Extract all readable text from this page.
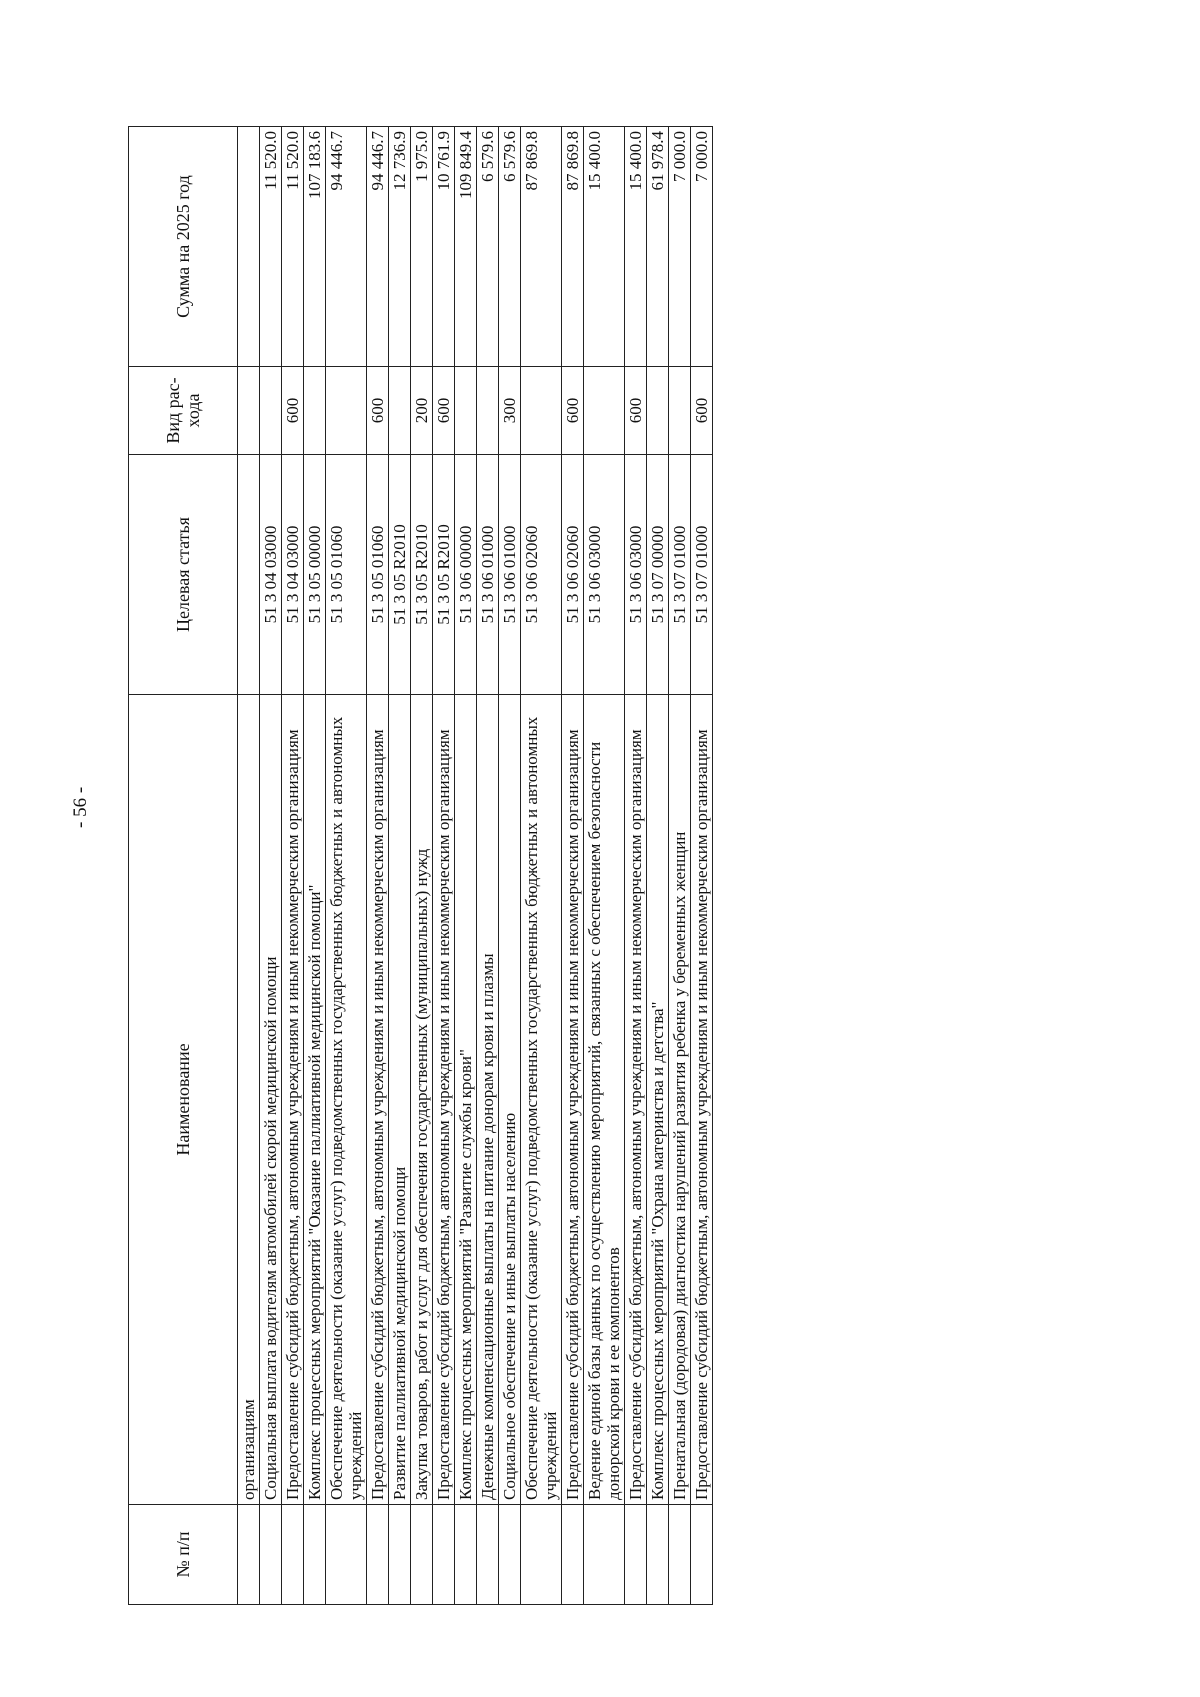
- 56 -
№ п/п	Наименование	Целевая статья	Вид рас-хода	Сумма на 2025 год
	организациям			
	Социальная выплата водителям автомобилей скорой медицинской помощи	51 3 04 03000		11 520.0
	Предоставление субсидий бюджетным, автономным учреждениям и иным некоммерческим организациям	51 3 04 03000	600	11 520.0
	Комплекс процессных мероприятий "Оказание паллиативной медицинской помощи"	51 3 05 00000		107 183.6
	Обеспечение деятельности (оказание услуг) подведомственных государственных бюджетных и автономных учреждений	51 3 05 01060		94 446.7
	Предоставление субсидий бюджетным, автономным учреждениям и иным некоммерческим организациям	51 3 05 01060	600	94 446.7
	Развитие паллиативной медицинской помощи	51 3 05 R2010		12 736.9
	Закупка товаров, работ и услуг для обеспечения государственных (муниципальных) нужд	51 3 05 R2010	200	1 975.0
	Предоставление субсидий бюджетным, автономным учреждениям и иным некоммерческим организациям	51 3 05 R2010	600	10 761.9
	Комплекс процессных мероприятий "Развитие службы крови"	51 3 06 00000		109 849.4
	Денежные компенсационные выплаты на питание донорам крови и плазмы	51 3 06 01000		6 579.6
	Социальное обеспечение и иные выплаты населению	51 3 06 01000	300	6 579.6
	Обеспечение деятельности (оказание услуг) подведомственных государственных бюджетных и автономных учреждений	51 3 06 02060		87 869.8
	Предоставление субсидий бюджетным, автономным учреждениям и иным некоммерческим организациям	51 3 06 02060	600	87 869.8
	Ведение единой базы данных по осуществлению мероприятий, связанных с обеспечением безопасности донорской крови и ее компонентов	51 3 06 03000		15 400.0
	Предоставление субсидий бюджетным, автономным учреждениям и иным некоммерческим организациям	51 3 06 03000	600	15 400.0
	Комплекс процессных мероприятий "Охрана материнства и детства"	51 3 07 00000		61 978.4
	Пренатальная (дородовая) диагностика нарушений развития ребенка у беременных женщин	51 3 07 01000		7 000.0
	Предоставление субсидий бюджетным, автономным учреждениям и иным некоммерческим организациям	51 3 07 01000	600	7 000.0
